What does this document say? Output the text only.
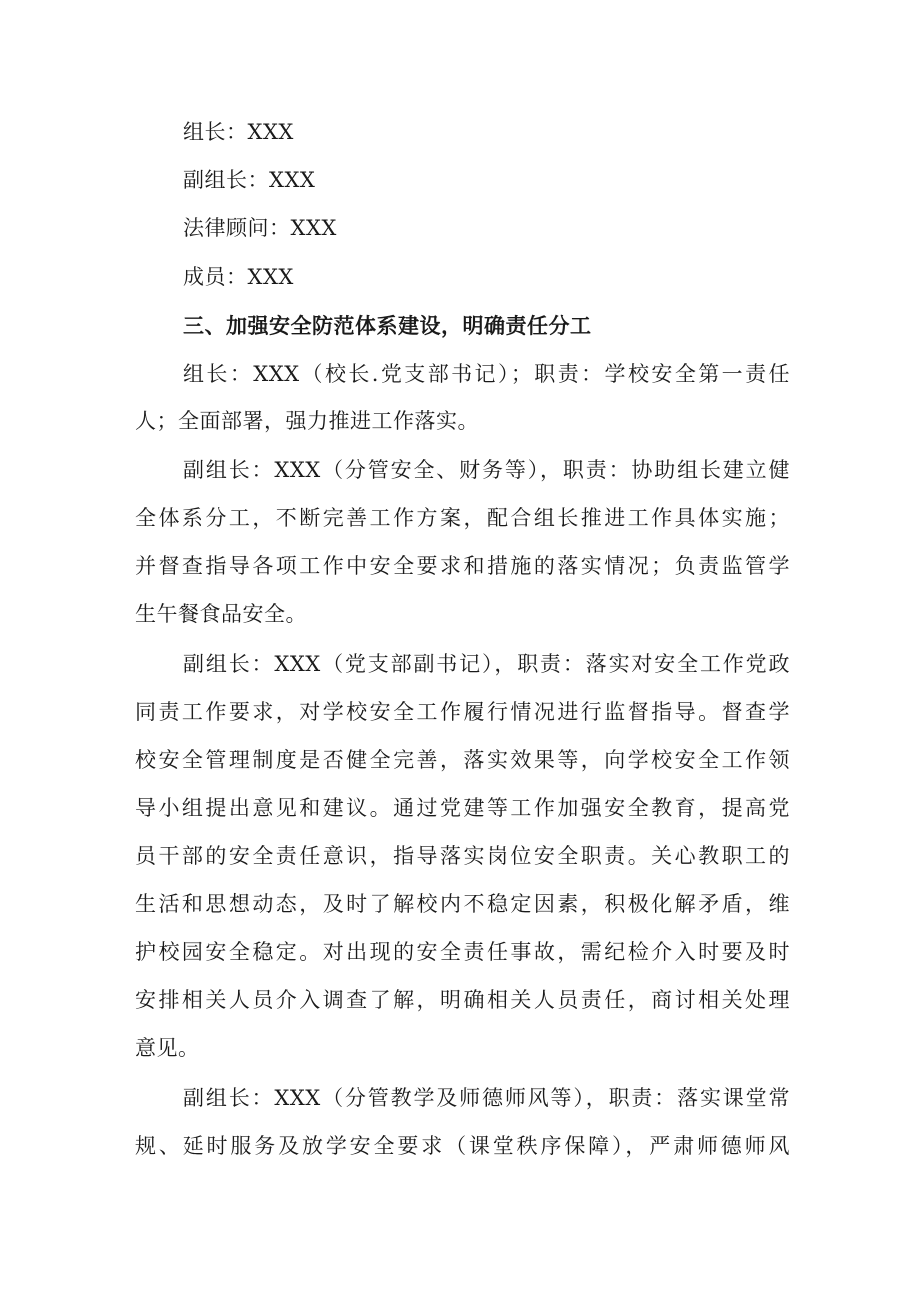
组长：XXX
副组长：XXX
法律顾问：XXX
成员：XXX
三、加强安全防范体系建设，明确责任分工
组长：XXX（校长.党支部书记）；职责：学校安全第一责任
人；全面部署，强力推进工作落实。
副组长：XXX（分管安全、财务等），职责：协助组长建立健
全体系分工，不断完善工作方案，配合组长推进工作具体实施；
并督查指导各项工作中安全要求和措施的落实情况；负责监管学
生午餐食品安全。
副组长：XXX（党支部副书记），职责：落实对安全工作党政
同责工作要求，对学校安全工作履行情况进行监督指导。督查学
校安全管理制度是否健全完善，落实效果等，向学校安全工作领
导小组提出意见和建议。通过党建等工作加强安全教育，提高党
员干部的安全责任意识，指导落实岗位安全职责。关心教职工的
生活和思想动态，及时了解校内不稳定因素，积极化解矛盾，维
护校园安全稳定。对出现的安全责任事故，需纪检介入时要及时
安排相关人员介入调查了解，明确相关人员责任，商讨相关处理
意见。
副组长：XXX（分管教学及师德师风等），职责：落实课堂常
规、延时服务及放学安全要求（课堂秩序保障），严肃师德师风
